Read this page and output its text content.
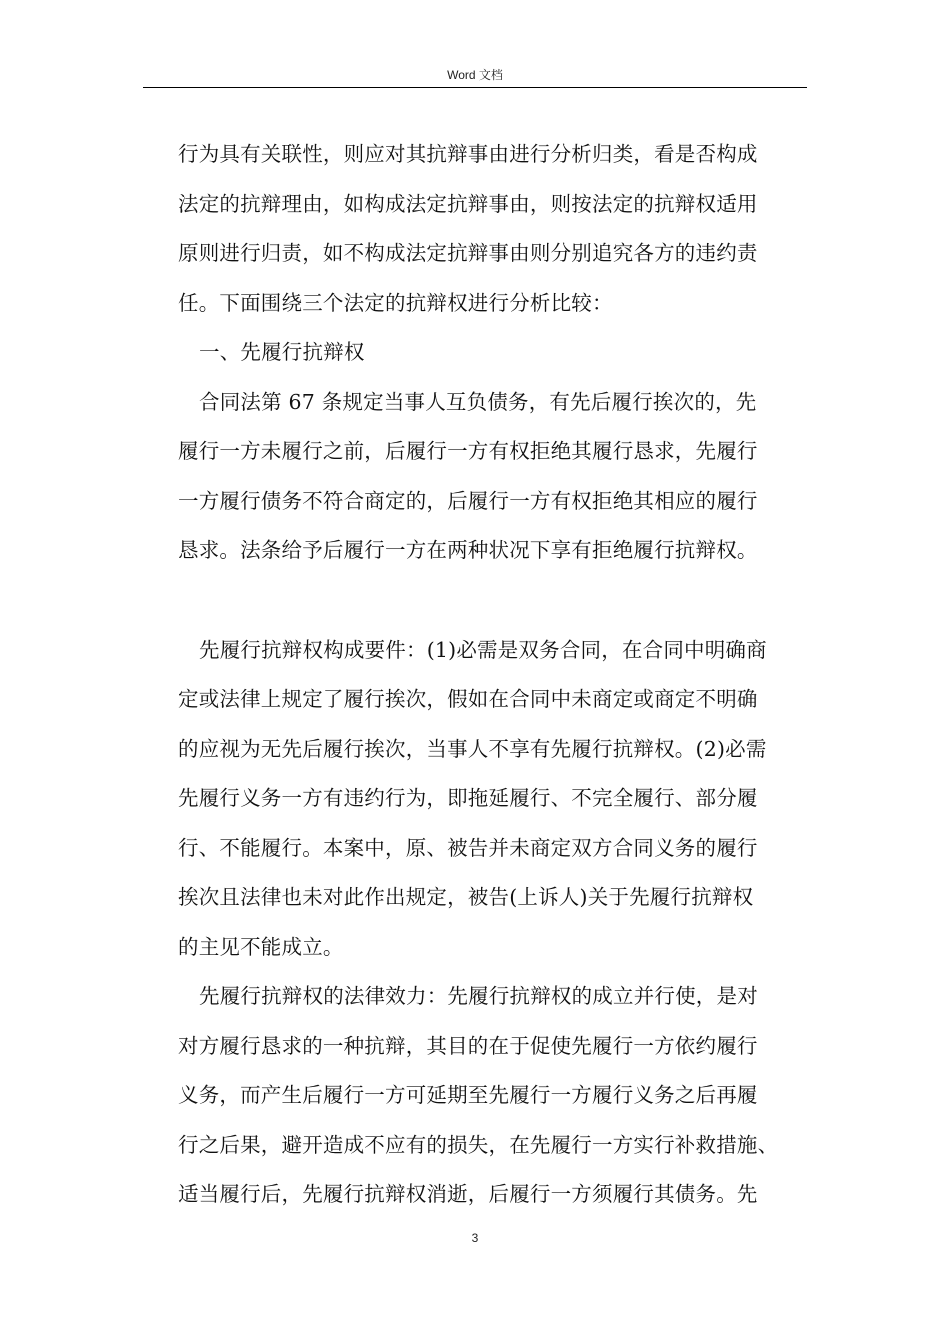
Word 文档
行为具有关联性，则应对其抗辩事由进行分析归类，看是否构成
法定的抗辩理由，如构成法定抗辩事由，则按法定的抗辩权适用
原则进行归责，如不构成法定抗辩事由则分别追究各方的违约责
任。下面围绕三个法定的抗辩权进行分析比较：
一、先履行抗辩权
合同法第 67 条规定当事人互负债务，有先后履行挨次的，先
履行一方未履行之前，后履行一方有权拒绝其履行恳求，先履行
一方履行债务不符合商定的，后履行一方有权拒绝其相应的履行
恳求。法条给予后履行一方在两种状况下享有拒绝履行抗辩权。
先履行抗辩权构成要件：(1)必需是双务合同，在合同中明确商
定或法律上规定了履行挨次，假如在合同中未商定或商定不明确
的应视为无先后履行挨次，当事人不享有先履行抗辩权。(2)必需
先履行义务一方有违约行为，即拖延履行、不完全履行、部分履
行、不能履行。本案中，原、被告并未商定双方合同义务的履行
挨次且法律也未对此作出规定，被告(上诉人)关于先履行抗辩权
的主见不能成立。
先履行抗辩权的法律效力：先履行抗辩权的成立并行使，是对
对方履行恳求的一种抗辩，其目的在于促使先履行一方依约履行
义务，而产生后履行一方可延期至先履行一方履行义务之后再履
行之后果，避开造成不应有的损失，在先履行一方实行补救措施、
适当履行后，先履行抗辩权消逝，后履行一方须履行其债务。先
3
